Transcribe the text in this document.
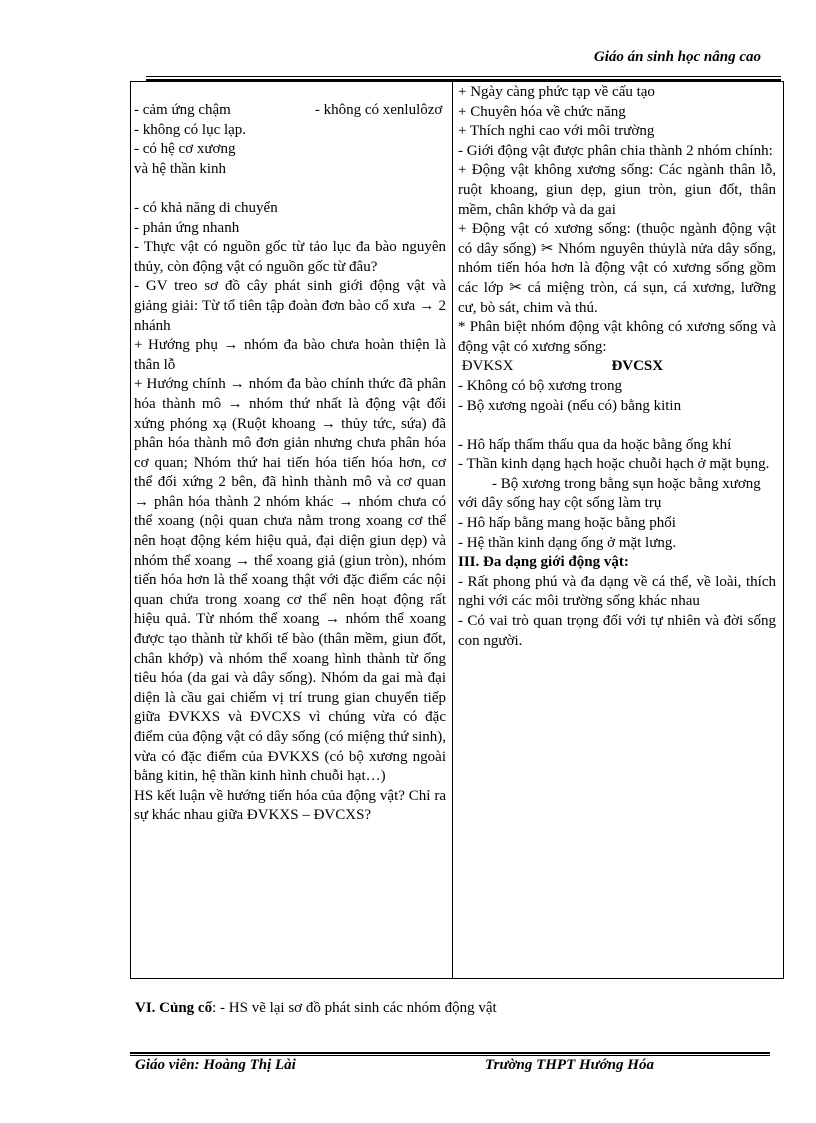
Giáo án sinh học nâng cao

- cảm ứng chậm	- không có xenlulôzơ

- không có lục lạp.

- có hệ cơ xương

và hệ thần kinh

- có khả năng di chuyển

- phản ứng nhanh

- Thực vật có nguồn gốc từ tảo lục đa bào nguyên thủy, còn động vật có nguồn gốc từ đâu?

- GV treo sơ đồ cây phát sinh giới động vật và giảng giải: Từ tổ tiên tập đoàn đơn bào cổ xưa → 2 nhánh

+ Hướng phụ → nhóm đa bào chưa hoàn thiện là thân lỗ

+ Hướng chính → nhóm đa bào chính thức đã phân hóa thành mô → nhóm thứ nhất là động vật đối xứng phóng xạ (Ruột khoang → thủy tức, sứa) đã phân hóa thành mô đơn giản nhưng chưa phân hóa cơ quan; Nhóm thứ hai tiến hóa tiến hóa hơn, cơ thể đối xứng 2 bên, đã hình thành mô và cơ quan → phân hóa thành 2 nhóm khác → nhóm chưa có thể xoang (nội quan chưa nằm trong xoang cơ thể nên hoạt động kém hiệu quả, đại diện giun dẹp) và nhóm thể xoang → thể xoang giả (giun tròn), nhóm tiến hóa hơn là thể xoang thật với đặc điểm các nội quan chứa trong xoang cơ thể nên hoạt động rất hiệu quả. Từ nhóm thể xoang → nhóm thể xoang được tạo thành từ khối tế bào (thân mềm, giun đốt, chân khớp) và nhóm thể xoang hình thành từ ống tiêu hóa (da gai và dây sống). Nhóm da gai mà đại diện là cầu gai chiếm vị trí trung gian chuyển tiếp giữa ĐVKXS và ĐVCXS vì chúng vừa có đặc điểm của động vật có dây sống (có miệng thứ sinh), vừa có đặc điểm của ĐVKXS (có bộ xương ngoài bằng kitin, hệ thần kinh hình chuỗi hạt…)

HS kết luận về hướng tiến hóa của động vật? Chỉ ra sự khác nhau giữa ĐVKXS – ĐVCXS?

+ Ngày càng phức tạp về cấu tạo

+ Chuyên hóa về chức năng

+ Thích nghi cao với môi trường

- Giới động vật được phân chia thành 2 nhóm chính:

+ Động vật không xương sống: Các ngành thân lỗ, ruột khoang, giun dẹp, giun tròn, giun đốt, thân mềm, chân khớp và da gai

+ Động vật có xương sống: (thuộc ngành động vật có dây sống) ✂ Nhóm nguyên thủylà nửa dây sống, nhóm tiến hóa hơn là động vật có xương sống gồm các lớp ✂ cá miệng tròn, cá sụn, cá xương, lưỡng cư, bò sát, chim và thú.

* Phân biệt nhóm động vật không có xương sống và động vật có xương sống:

ĐVKSX	ĐVCSX

- Không có bộ xương trong

- Bộ xương ngoài (nếu có) bằng kitin

- Hô hấp thẩm thấu qua da hoặc bằng ống khí

- Thần kinh dạng hạch hoặc chuỗi hạch ở mặt bụng.- Bộ xương trong bằng sụn hoặc bằng xương với dây sống hay cột sống làm trụ

- Hô hấp bằng mang hoặc bằng phổi

- Hệ thần kinh dạng ống ở mặt lưng.

III. Đa dạng giới động vật:

- Rất phong phú và đa dạng về cá thể, về loài, thích nghi với các môi trường sống khác nhau

- Có vai trò quan trọng đối với tự nhiên và đời sống con người.

VI. Củng cố: - HS vẽ lại sơ đồ phát sinh các nhóm động vật
Giáo viên: Hoàng Thị Lài	Trường THPT Hướng Hóa
